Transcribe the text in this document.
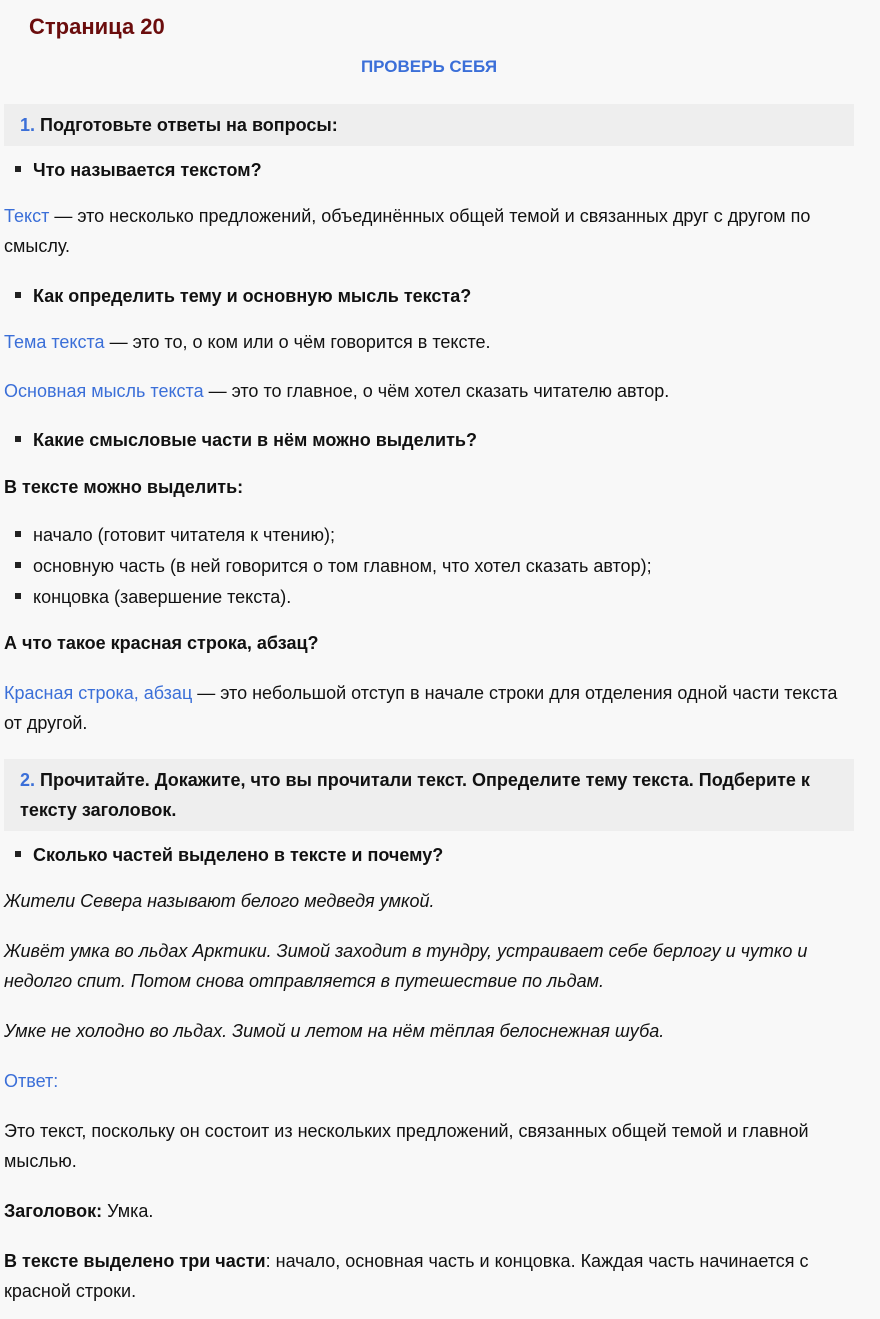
Страница 20
ПРОВЕРЬ СЕБЯ
1. Подготовьте ответы на вопросы:
Что называется текстом?
Текст — это несколько предложений, объединённых общей темой и связанных друг с другом по смыслу.
Как определить тему и основную мысль текста?
Тема текста — это то, о ком или о чём говорится в тексте.
Основная мысль текста — это то главное, о чём хотел сказать читателю автор.
Какие смысловые части в нём можно выделить?
В тексте можно выделить:
начало (готовит читателя к чтению);
основную часть (в ней говорится о том главном, что хотел сказать автор);
концовка (завершение текста).
А что такое красная строка, абзац?
Красная строка, абзац — это небольшой отступ в начале строки для отделения одной части текста от другой.
2. Прочитайте. Докажите, что вы прочитали текст. Определите тему текста. Подберите к тексту заголовок.
Сколько частей выделено в тексте и почему?
Жители Севера называют белого медведя умкой.
Живёт умка во льдах Арктики. Зимой заходит в тундру, устраивает себе берлогу и чутко и недолго спит. Потом снова отправляется в путешествие по льдам.
Умке не холодно во льдах. Зимой и летом на нём тёплая белоснежная шуба.
Ответ:
Это текст, поскольку он состоит из нескольких предложений, связанных общей темой и главной мыслью.
Заголовок: Умка.
В тексте выделено три части: начало, основная часть и концовка. Каждая часть начинается с красной строки.
